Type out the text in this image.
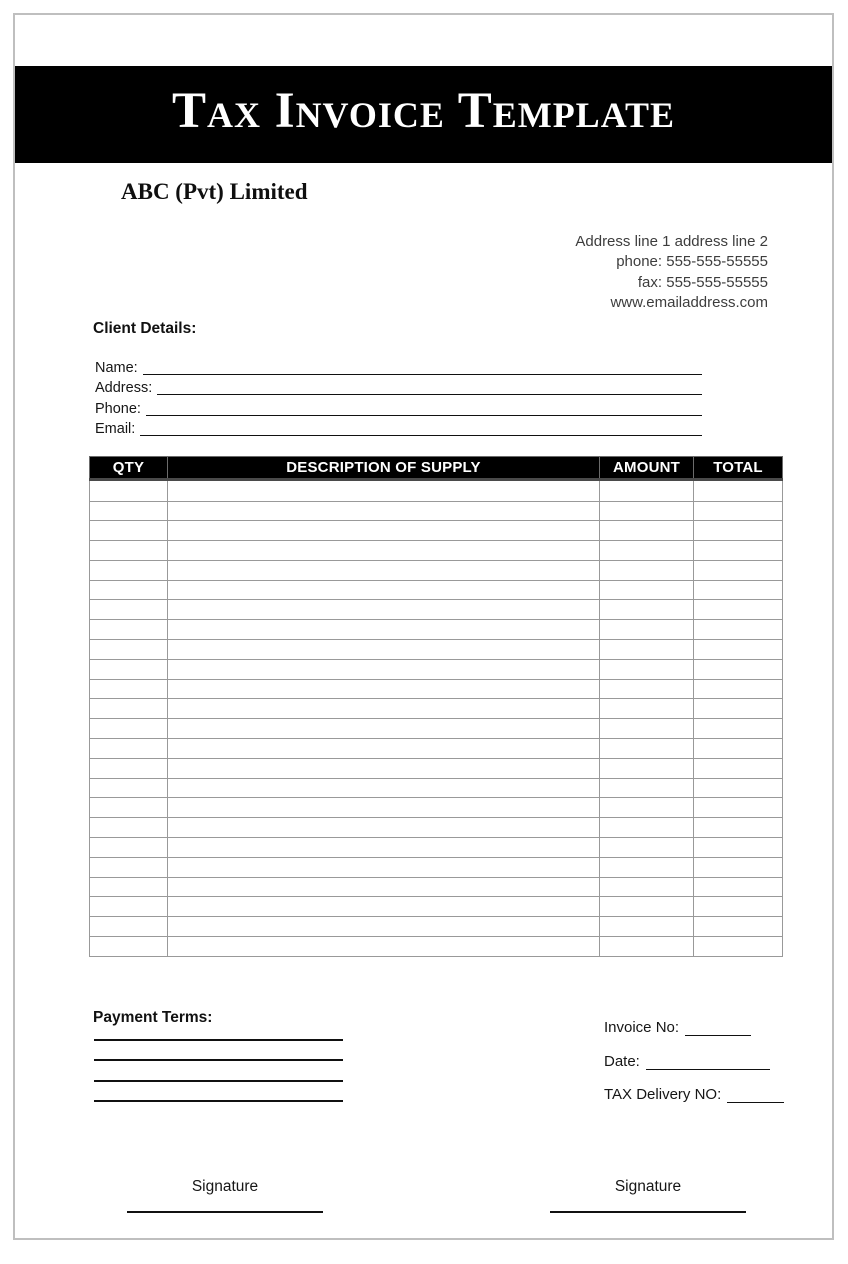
Tax Invoice Template
ABC (Pvt) Limited
Address line 1 address line 2
phone: 555-555-55555
fax: 555-555-55555
www.emailaddress.com
Client Details:
Name:
Address:
Phone:
Email:
QTY	DESCRIPTION OF SUPPLY	AMOUNT	TOTAL

Payment Terms:
Invoice No:
Date:
TAX Delivery NO:
Signature	Signature
